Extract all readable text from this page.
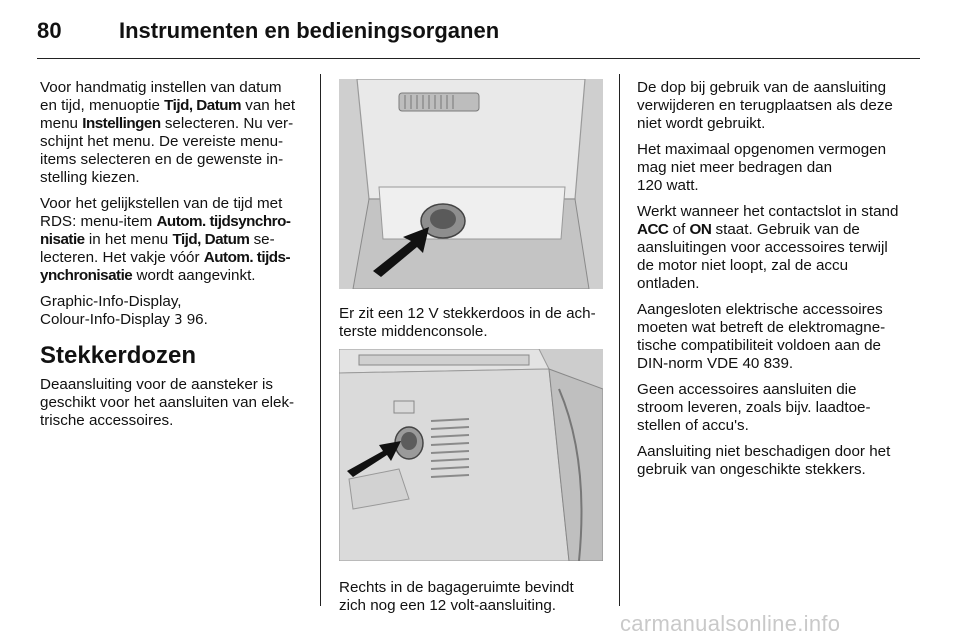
80	Instrumenten en bedieningsorganen

Voor handmatig instellen van datum en tijd, menuoptie Tijd, Datum van het menu Instellingen selecteren. Nu ver-schijnt het menu. De vereiste menu-items selecteren en de gewenste in-stelling kiezen.

Voor het gelijkstellen van de tijd met RDS: menu-item Autom. tijdsynchro-nisatie in het menu Tijd, Datum se-lecteren. Het vakje vóór Autom. tijds-ynchronisatie wordt aangevinkt.

Graphic-Info-Display,
Colour-Info-Display 3 96.

Stekkerdozen

Deaansluiting voor de aansteker is geschikt voor het aansluiten van elek-trische accessoires.

Er zit een 12 V stekkerdoos in de ach-terste middenconsole.

Rechts in de bagageruimte bevindt zich nog een 12 volt-aansluiting.

De dop bij gebruik van de aansluiting verwijderen en terugplaatsen als deze niet wordt gebruikt.

Het maximaal opgenomen vermogen mag niet meer bedragen dan
120 watt.

Werkt wanneer het contactslot in stand ACC of ON staat. Gebruik van de aansluitingen voor accessoires terwijl de motor niet loopt, zal de accu ontladen.

Aangesloten elektrische accessoires moeten wat betreft de elektromagne-tische compatibiliteit voldoen aan de DIN-norm VDE 40 839.

Geen accessoires aansluiten die stroom leveren, zoals bijv. laadtoe-stellen of accu's.

Aansluiting niet beschadigen door het gebruik van ongeschikte stekkers.

carmanualsonline.info
